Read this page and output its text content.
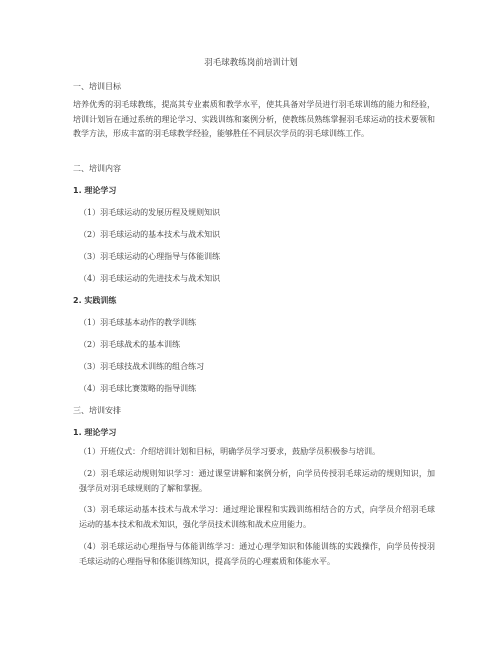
羽毛球教练岗前培训计划
一、培训目标
培养优秀的羽毛球教练，提高其专业素质和教学水平，使其具备对学员进行羽毛球训练的能力和经验，培训计划旨在通过系统的理论学习、实践训练和案例分析，使教练员熟练掌握羽毛球运动的技术要领和教学方法，形成丰富的羽毛球教学经验，能够胜任不同层次学员的羽毛球训练工作。
二、培训内容
1. 理论学习
（1）羽毛球运动的发展历程及规则知识
（2）羽毛球运动的基本技术与战术知识
（3）羽毛球运动的心理指导与体能训练
（4）羽毛球运动的先进技术与战术知识
2. 实践训练
（1）羽毛球基本动作的教学训练
（2）羽毛球战术的基本训练
（3）羽毛球技战术训练的组合练习
（4）羽毛球比赛策略的指导训练
三、培训安排
1. 理论学习
（1）开班仪式：介绍培训计划和目标，明确学员学习要求，鼓励学员积极参与培训。
（2）羽毛球运动规则知识学习：通过课堂讲解和案例分析，向学员传授羽毛球运动的规则知识，加强学员对羽毛球规则的了解和掌握。
（3）羽毛球运动基本技术与战术学习：通过理论课程和实践训练相结合的方式，向学员介绍羽毛球运动的基本技术和战术知识，强化学员技术训练和战术应用能力。
（4）羽毛球运动心理指导与体能训练学习：通过心理学知识和体能训练的实践操作，向学员传授羽毛球运动的心理指导和体能训练知识，提高学员的心理素质和体能水平。
